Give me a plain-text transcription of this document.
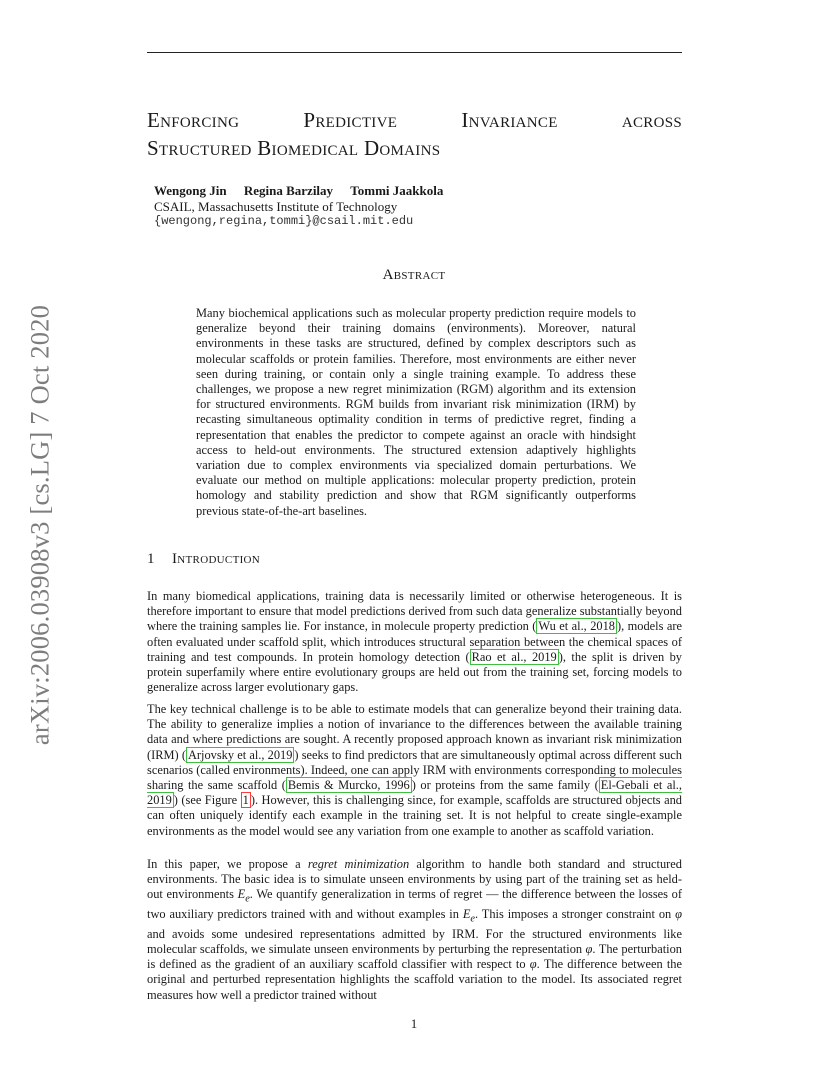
arXiv:2006.03908v3 [cs.LG] 7 Oct 2020
Enforcing	Predictive	Invariance	across
Structured Biomedical Domains
Wengong Jin Regina Barzilay Tommi Jaakkola
CSAIL, Massachusetts Institute of Technology
{wengong,regina,tommi}@csail.mit.edu
Abstract

Many biochemical applications such as molecular property prediction require models to generalize beyond their training domains (environments). Moreover, natural environments in these tasks are structured, defined by complex descriptors such as molecular scaffolds or protein families. Therefore, most environments are either never seen during training, or contain only a single training example. To address these challenges, we propose a new regret minimization (RGM) algorithm and its extension for structured environments. RGM builds from invariant risk minimization (IRM) by recasting simultaneous optimality condition in terms of predictive regret, finding a representation that enables the predictor to compete against an oracle with hindsight access to held-out environments. The structured extension adaptively highlights variation due to complex environments via specialized domain perturbations. We evaluate our method on multiple applications: molecular property prediction, protein homology and stability prediction and show that RGM significantly outperforms previous state-of-the-art baselines.

1 Introduction

In many biomedical applications, training data is necessarily limited or otherwise heterogeneous. It is therefore important to ensure that model predictions derived from such data generalize substantially beyond where the training samples lie. For instance, in molecule property prediction ( Wu et al., 2018 ), models are often evaluated under scaffold split, which introduces structural separation between the chemical spaces of training and test compounds. In protein homology detection ( Rao et al., 2019 ), the split is driven by protein superfamily where entire evolutionary groups are held out from the training set, forcing models to generalize across larger evolutionary gaps.

The key technical challenge is to be able to estimate models that can generalize beyond their training data. The ability to generalize implies a notion of invariance to the differences between the available training data and where predictions are sought. A recently proposed approach known as invariant risk minimization (IRM) ( Arjovsky et al., 2019 ) seeks to find predictors that are simultaneously optimal across different such scenarios (called environments). Indeed, one can apply IRM with environments corresponding to molecules sharing the same scaffold ( Bemis & Murcko, 1996 ) or proteins from the same family ( El-Gebali et al., 2019 ) (see Figure 1 ). However, this is challenging since, for example, scaffolds are structured objects and can often uniquely identify each example in the training set. It is not helpful to create single-example environments as the model would see any variation from one example to another as scaffold variation.

In this paper, we propose a regret minimization algorithm to handle both standard and structured environments. The basic idea is to simulate unseen environments by using part of the training set as held-out environments $E_e$. We quantify generalization in terms of regret — the difference between the losses of two auxiliary predictors trained with and without examples in $E_e$. This imposes a stronger constraint on φ and avoids some undesired representations admitted by IRM. For the structured environments like molecular scaffolds, we simulate unseen environments by perturbing the representation φ. The perturbation is defined as the gradient of an auxiliary scaffold classifier with respect to φ. The difference between the original and perturbed representation highlights the scaffold variation to the model. Its associated regret measures how well a predictor trained without

1
